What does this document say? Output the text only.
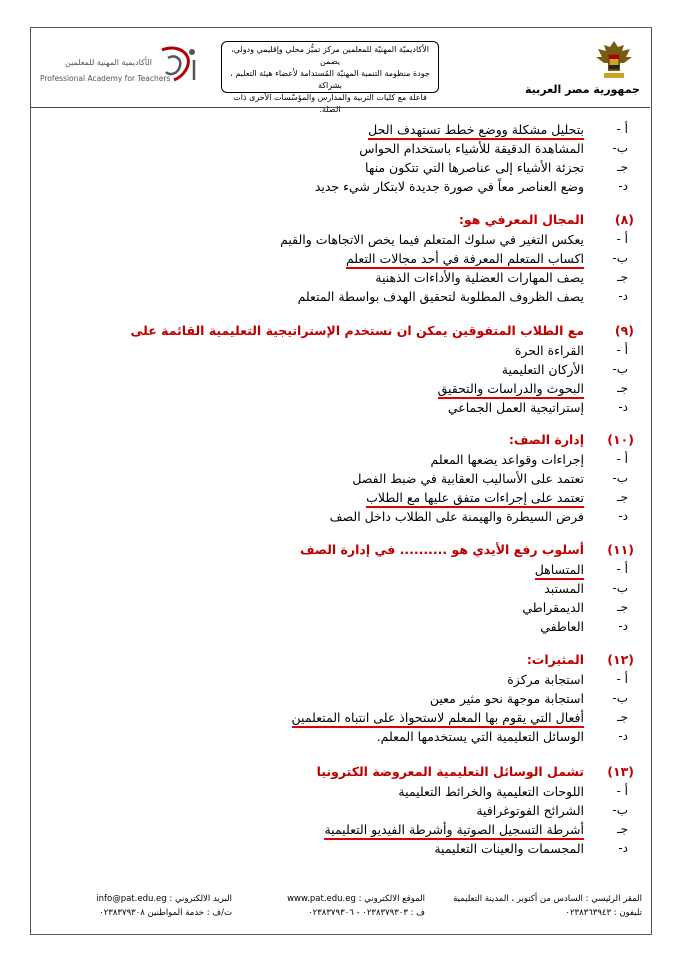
جمهورية مصر العربية
الأكاديميّة المهنيّة للمعلمين مركز تميُّز محلي وإقليمي ودولي، يضمن
جودة منظومة التنمية المهنيّة المُستدامة لأعضاء هيئة التعليم ، بشراكة
فاعلة مع كليات التربية والمدارس والمؤسّسات الأخرى ذات الصلة.
الأكاديمية المهنية للمعلمين
Professional Academy for Teachers
أ -
بتحليل مشكلة ووضع خطط تستهدف الحل
ب-
المشاهدة الدقيقة للأشياء باستخدام الحواس
جـ
تجزئة الأشياء إلى عناصرها التي تتكون منها
د-
وضع العناصر معاً في صورة جديدة لابتكار شيء جديد
(٨)
المجال المعرفي هو:
أ -
يعكس التغير في سلوك المتعلم فيما يخص الاتجاهات والقيم
ب-
اكساب المتعلم المعرفة في أحد مجالات التعلم
جـ
يصف المهارات العضلية والأداءات الذهنية
د-
يصف الظروف المطلوبة لتحقيق الهدف بواسطة المتعلم
(٩)
مع الطلاب المتفوقين يمكن ان نستخدم الإستراتيجية التعليمية القائمة على
أ -
القراءة الحرة
ب-
الأركان التعليمية
جـ
البحوث والدراسات والتحقيق
د-
إستراتيجية العمل الجماعي
(١٠)
إدارة الصف:
أ -
إجراءات وقواعد يضعها المعلم
ب-
تعتمد على الأساليب العقابية في ضبط الفصل
جـ
تعتمد على إجراءات متفق عليها مع الطلاب
د-
فرض السيطرة والهيمنة على الطلاب داخل الصف
(١١)
أسلوب رفع الأيدي هو .......... في إدارة الصف
أ -
المتساهل
ب-
المستبد
جـ
الديمقراطي
د-
العاطفي
(١٢)
المثيرات:
أ -
استجابة مركزة
ب-
استجابة موجهة نحو مثير معين
جـ
أفعال التي يقوم بها المعلم لاستحواذ على انتباه المتعلمين
د-
الوسائل التعليمية التي يستخدمها المعلم.
(١٣)
تشمل الوسائل التعليمية المعروضة الكترونيا
أ -
اللوحات التعليمية والخرائط التعليمية
ب-
الشرائح الفوتوغرافية
جـ
أشرطة التسجيل الصوتية وأشرطة الفيديو التعليمية
د-
المجسمات والعينات التعليمية
المقر الرئيسي : السادس من أكتوبر ، المدينة التعليمية
تليفون : ٠٢٣٨٣٦٣٩٤٣
الموقع الالكتروني : www.pat.edu.eg
ف : ٠٢٣٨٣٧٩٣٠٣ - ٠٢٣٨٣٧٩٣٠٦
البريد الالكتروني : info@pat.edu.eg
ت/ف : خدمة المواطنين ٠٢٣٨٣٧٩٣٠٨
